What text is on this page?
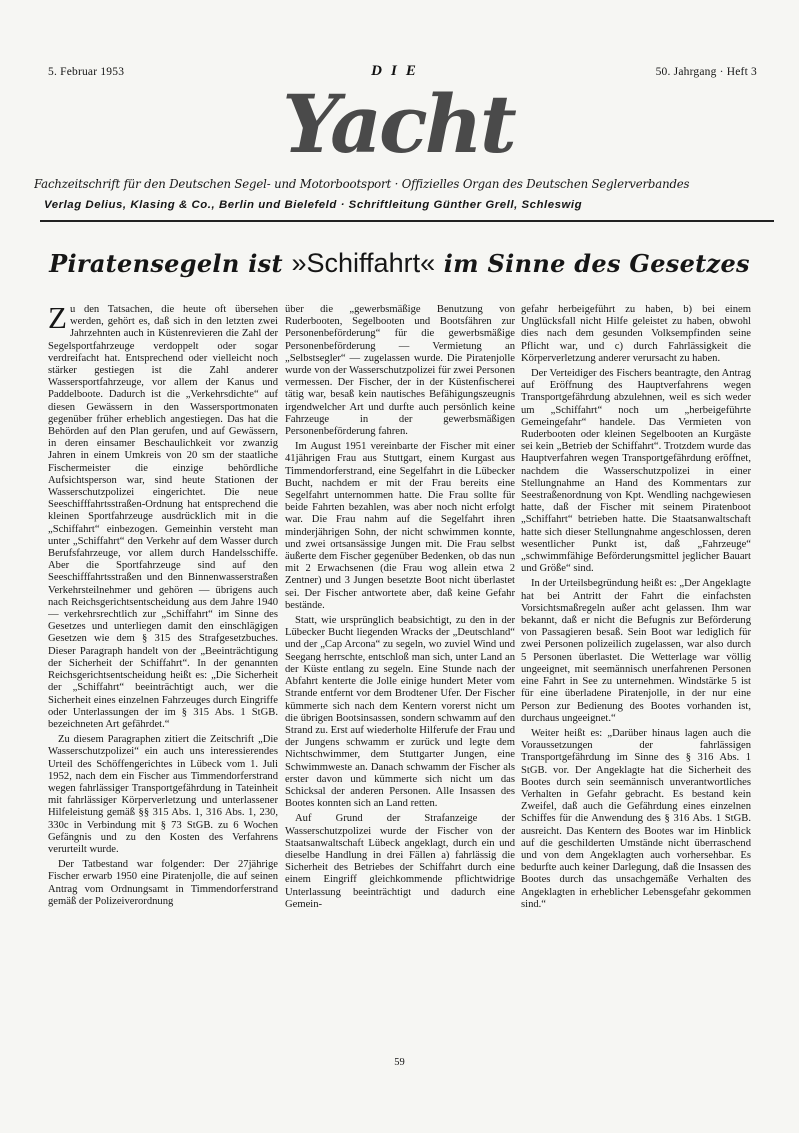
5. Februar 1953	50. Jahrgang · Heft 3
DIE
Yacht
Fachzeitschrift für den Deutschen Segel- und Motorbootsport · Offizielles Organ des Deutschen Seglerverbandes
Verlag Delius, Klasing & Co., Berlin und Bielefeld · Schriftleitung Günther Grell, Schleswig
Piratensegeln ist »Schiffahrt« im Sinne des Gesetzes

Zu den Tatsachen, die heute oft übersehen werden, gehört es, daß sich in den letzten zwei Jahrzehnten auch in Küstenrevieren die Zahl der Segelsportfahrzeuge verdoppelt oder sogar verdreifacht hat. Entsprechend oder vielleicht noch stärker gestiegen ist die Zahl anderer Wassersportfahrzeuge, vor allem der Kanus und Paddelboote. Dadurch ist die „Verkehrsdichte“ auf diesen Gewässern in den Wassersportmonaten gegenüber früher erheblich angestiegen. Das hat die Behörden auf den Plan gerufen, und auf Gewässern, in deren einsamer Beschaulichkeit vor zwanzig Jahren in einem Umkreis von 20 sm der staatliche Fischermeister die einzige behördliche Aufsichtsperson war, sind heute Stationen der Wasserschutzpolizei eingerichtet. Die neue Seeschifffahrtsstraßen-Ordnung hat entsprechend die kleinen Sportfahrzeuge ausdrücklich mit in die „Schiffahrt“ einbezogen. Gemeinhin versteht man unter „Schiffahrt“ den Verkehr auf dem Wasser durch Berufsfahrzeuge, vor allem durch Handelsschiffe. Aber die Sportfahrzeuge sind auf den Seeschifffahrtsstraßen und den Binnenwasserstraßen Verkehrsteilnehmer und gehören — übrigens auch nach Reichsgerichtsentscheidung aus dem Jahre 1940 — verkehrsrechtlich zur „Schiffahrt“ im Sinne des Gesetzes und unterliegen damit den einschlägigen Gesetzen wie dem § 315 des Strafgesetzbuches. Dieser Paragraph handelt von der „Beeinträchtigung der Sicherheit der Schiffahrt“. In der genannten Reichsgerichtsentscheidung heißt es: „Die Sicherheit der „Schiffahrt“ beeinträchtigt auch, wer die Sicherheit eines einzelnen Fahrzeuges durch Eingriffe oder Unterlassungen der im § 315 Abs. 1 StGB. bezeichneten Art gefährdet.“

Zu diesem Paragraphen zitiert die Zeitschrift „Die Wasserschutzpolizei“ ein auch uns interessierendes Urteil des Schöffengerichtes in Lübeck vom 1. Juli 1952, nach dem ein Fischer aus Timmendorferstrand wegen fahrlässiger Transportgefährdung in Tateinheit mit fahrlässiger Körperverletzung und unterlassener Hilfeleistung gemäß §§ 315 Abs. 1, 316 Abs. 1, 230, 330c in Verbindung mit § 73 StGB. zu 6 Wochen Gefängnis und zu den Kosten des Verfahrens verurteilt wurde.

Der Tatbestand war folgender: Der 27jährige Fischer erwarb 1950 eine Piratenjolle, die auf seinen Antrag vom Ordnungsamt in Timmendorferstrand gemäß der Polizeiverordnung

über die „gewerbsmäßige Benutzung von Ruderbooten, Segelbooten und Bootsfähren zur Personenbeförderung“ für die gewerbsmäßige Personenbeförderung — Vermietung an „Selbstsegler“ — zugelassen wurde. Die Piratenjolle wurde von der Wasserschutzpolizei für zwei Personen vermessen. Der Fischer, der in der Küstenfischerei tätig war, besaß kein nautisches Befähigungszeugnis irgendwelcher Art und durfte auch persönlich keine Fahrzeuge in der gewerbsmäßigen Personenbeförderung fahren.

Im August 1951 vereinbarte der Fischer mit einer 41jährigen Frau aus Stuttgart, einem Kurgast aus Timmendorferstrand, eine Segelfahrt in die Lübecker Bucht, nachdem er mit der Frau bereits eine Segelfahrt unternommen hatte. Die Frau sollte für beide Fahrten bezahlen, was aber noch nicht erfolgt war. Die Frau nahm auf die Segelfahrt ihren minderjährigen Sohn, der nicht schwimmen konnte, und zwei ortsansässige Jungen mit. Die Frau selbst äußerte dem Fischer gegenüber Bedenken, ob das nun mit 2 Erwachsenen (die Frau wog allein etwa 2 Zentner) und 3 Jungen besetzte Boot nicht überlastet sei. Der Fischer antwortete aber, daß keine Gefahr bestände.

Statt, wie ursprünglich beabsichtigt, zu den in der Lübecker Bucht liegenden Wracks der „Deutschland“ und der „Cap Arcona“ zu segeln, wo zuviel Wind und Seegang herrschte, entschloß man sich, unter Land an der Küste entlang zu segeln. Eine Stunde nach der Abfahrt kenterte die Jolle einige hundert Meter vom Strande entfernt vor dem Brodtener Ufer. Der Fischer kümmerte sich nach dem Kentern vorerst nicht um die übrigen Bootsinsassen, sondern schwamm auf den Strand zu. Erst auf wiederholte Hilferufe der Frau und der Jungens schwamm er zurück und legte dem Nichtschwimmer, dem Stuttgarter Jungen, eine Schwimmweste an. Danach schwamm der Fischer als erster davon und kümmerte sich nicht um das Schicksal der anderen Personen. Alle Insassen des Bootes konnten sich an Land retten.

Auf Grund der Strafanzeige der Wasserschutzpolizei wurde der Fischer von der Staatsanwaltschaft Lübeck angeklagt, durch ein und dieselbe Handlung in drei Fällen a) fahrlässig die Sicherheit des Betriebes der Schiffahrt durch eine einem Eingriff gleichkommende pflichtwidrige Unterlassung beeinträchtigt und dadurch eine Gemein-

gefahr herbeigeführt zu haben, b) bei einem Unglücksfall nicht Hilfe geleistet zu haben, obwohl dies nach dem gesunden Volksempfinden seine Pflicht war, und c) durch Fahrlässigkeit die Körperverletzung anderer verursacht zu haben.

Der Verteidiger des Fischers beantragte, den Antrag auf Eröffnung des Hauptverfahrens wegen Transportgefährdung abzulehnen, weil es sich weder um „Schiffahrt“ noch um „herbeigeführte Gemeingefahr“ handele. Das Vermieten von Ruderbooten oder kleinen Segelbooten an Kurgäste sei kein „Betrieb der Schiffahrt“. Trotzdem wurde das Hauptverfahren wegen Transportgefährdung eröffnet, nachdem die Wasserschutzpolizei in einer Stellungnahme an Hand des Kommentars zur Seestraßenordnung von Kpt. Wendling nachgewiesen hatte, daß der Fischer mit seinem Piratenboot „Schiffahrt“ betrieben hatte. Die Staatsanwaltschaft hatte sich dieser Stellungnahme angeschlossen, deren wesentlicher Punkt ist, daß „Fahrzeuge“ „schwimmfähige Beförderungsmittel jeglicher Bauart und Größe“ sind.

In der Urteilsbegründung heißt es: „Der Angeklagte hat bei Antritt der Fahrt die einfachsten Vorsichtsmaßregeln außer acht gelassen. Ihm war bekannt, daß er nicht die Befugnis zur Beförderung von Passagieren besaß. Sein Boot war lediglich für zwei Personen polizeilich zugelassen, war also durch 5 Personen überlastet. Die Wetterlage war völlig ungeeignet, mit seemännisch unerfahrenen Personen eine Fahrt in See zu unternehmen. Windstärke 5 ist für eine überladene Piratenjolle, in der nur eine Person zur Bedienung des Bootes vorhanden ist, durchaus ungeeignet.“

Weiter heißt es: „Darüber hinaus lagen auch die Voraussetzungen der fahrlässigen Transportgefährdung im Sinne des § 316 Abs. 1 StGB. vor. Der Angeklagte hat die Sicherheit des Bootes durch sein seemännisch unverantwortliches Verhalten in Gefahr gebracht. Es bestand kein Zweifel, daß auch die Gefährdung eines einzelnen Schiffes für die Anwendung des § 316 Abs. 1 StGB. ausreicht. Das Kentern des Bootes war im Hinblick auf die geschilderten Umstände nicht überraschend und von dem Angeklagten auch vorhersehbar. Es bedurfte auch keiner Darlegung, daß die Insassen des Bootes durch das unsachgemäße Verhalten des Angeklagten in erheblicher Lebensgefahr gekommen sind.“

59
